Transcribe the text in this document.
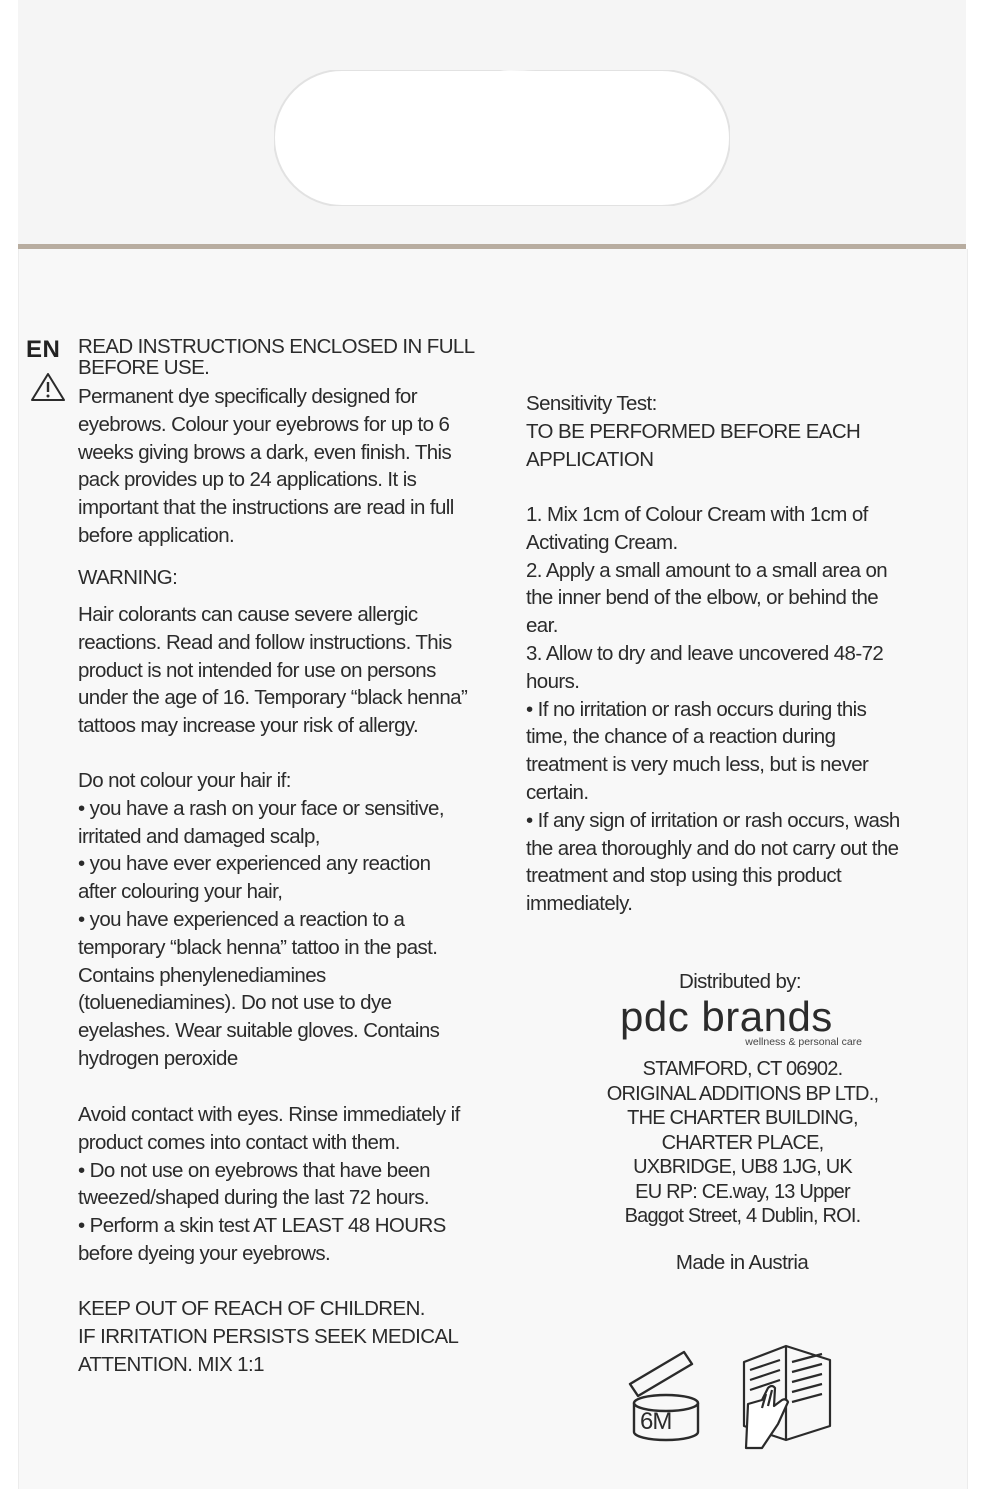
EN READ INSTRUCTIONS ENCLOSED IN FULL
BEFORE USE.

Permanent dye specifically designed for
eyebrows. Colour your eyebrows for up to 6
weeks giving brows a dark, even finish. This
pack provides up to 24 applications. It is
important that the instructions are read in full
before application.

WARNING:

Hair colorants can cause severe allergic
reactions. Read and follow instructions. This
product is not intended for use on persons
under the age of 16. Temporary “black henna”
tattoos may increase your risk of allergy.

Do not colour your hair if:
• you have a rash on your face or sensitive,
irritated and damaged scalp,
• you have ever experienced any reaction
after colouring your hair,
• you have experienced a reaction to a
temporary “black henna” tattoo in the past.
Contains phenylenediamines
(toluenediamines). Do not use to dye
eyelashes. Wear suitable gloves. Contains
hydrogen peroxide

Avoid contact with eyes. Rinse immediately if
product comes into contact with them.
• Do not use on eyebrows that have been
tweezed/shaped during the last 72 hours.
• Perform a skin test AT LEAST 48 HOURS
before dyeing your eyebrows.

KEEP OUT OF REACH OF CHILDREN.
IF IRRITATION PERSISTS SEEK MEDICAL
ATTENTION. MIX 1:1

Sensitivity Test:
TO BE PERFORMED BEFORE EACH
APPLICATION

1. Mix 1cm of Colour Cream with 1cm of
Activating Cream.
2. Apply a small amount to a small area on
the inner bend of the elbow, or behind the
ear.
3. Allow to dry and leave uncovered 48-72
hours.
• If no irritation or rash occurs during this
time, the chance of a reaction during
treatment is very much less, but is never
certain.
• If any sign of irritation or rash occurs, wash
the area thoroughly and do not carry out the
treatment and stop using this product
immediately.

Distributed by:

pdc brands
wellness & personal care

STAMFORD, CT 06902.
ORIGINAL ADDITIONS BP LTD.,
THE CHARTER BUILDING,
CHARTER PLACE,
UXBRIDGE, UB8 1JG, UK
EU RP: CE.way, 13 Upper
Baggot Street, 4 Dublin, ROI.

Made in Austria

6M
